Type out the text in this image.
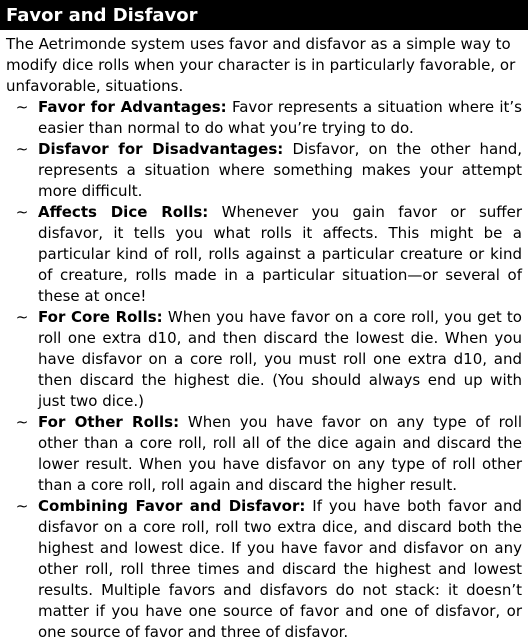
Favor and Disfavor

The Aetrimonde system uses favor and disfavor as a simple way to modify dice rolls when your character is in particularly favorable, or unfavorable, situations.

∼ Favor for Advantages: Favor represents a situation where it’s easier than normal to do what you’re trying to do.
∼ Disfavor for Disadvantages: Disfavor, on the other hand, represents a situation where something makes your attempt more difficult.
∼ Affects Dice Rolls: Whenever you gain favor or suffer disfavor, it tells you what rolls it affects. This might be a particular kind of roll, rolls against a particular creature or kind of creature, rolls made in a particular situation—or several of these at once!
∼ For Core Rolls: When you have favor on a core roll, you get to roll one extra d10, and then discard the lowest die. When you have disfavor on a core roll, you must roll one extra d10, and then discard the highest die. (You should always end up with just two dice.)
∼ For Other Rolls: When you have favor on any type of roll other than a core roll, roll all of the dice again and discard the lower result. When you have disfavor on any type of roll other than a core roll, roll again and discard the higher result.
∼ Combining Favor and Disfavor: If you have both favor and disfavor on a core roll, roll two extra dice, and discard both the highest and lowest dice. If you have favor and disfavor on any other roll, roll three times and discard the highest and lowest results. Multiple favors and disfavors do not stack: it doesn’t matter if you have one source of favor and one of disfavor, or one source of favor and three of disfavor.
